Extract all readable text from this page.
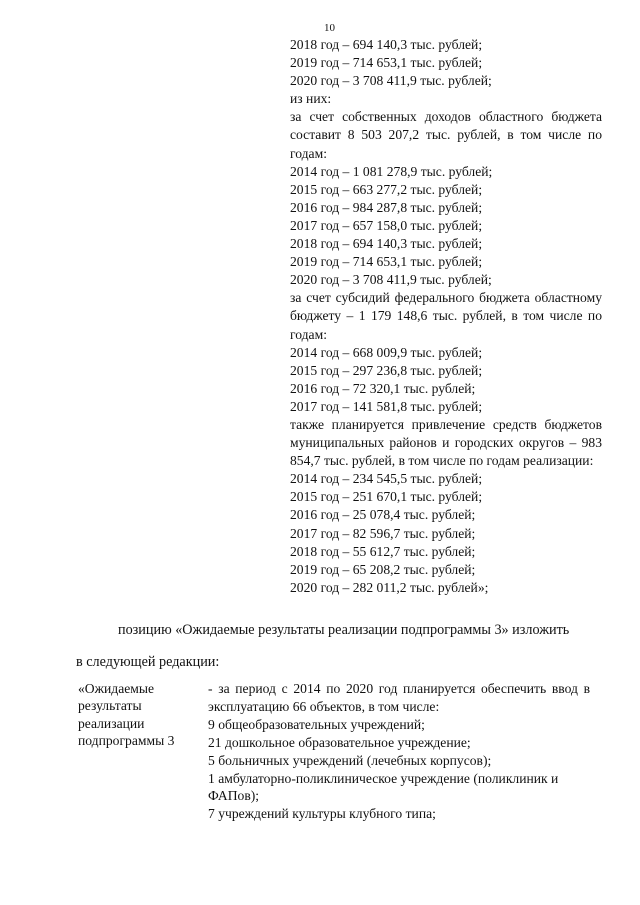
10
2018 год – 694 140,3 тыс. рублей;
2019 год – 714 653,1 тыс. рублей;
2020 год – 3 708 411,9 тыс. рублей;
из них:
за счет собственных доходов областного бюджета составит 8 503 207,2 тыс. рублей, в том числе по годам:
2014 год – 1 081 278,9 тыс. рублей;
2015 год – 663 277,2 тыс. рублей;
2016 год – 984 287,8 тыс. рублей;
2017 год – 657 158,0 тыс. рублей;
2018 год – 694 140,3 тыс. рублей;
2019 год – 714 653,1 тыс. рублей;
2020 год – 3 708 411,9 тыс. рублей;
за счет субсидий федерального бюджета областному бюджету – 1 179 148,6 тыс. рублей, в том числе по годам:
2014 год – 668 009,9 тыс. рублей;
2015 год – 297 236,8 тыс. рублей;
2016 год – 72 320,1 тыс. рублей;
2017 год – 141 581,8 тыс. рублей;
также планируется привлечение средств бюджетов муниципальных районов и городских округов – 983 854,7 тыс. рублей, в том числе по годам реализации:
2014 год – 234 545,5 тыс. рублей;
2015 год – 251 670,1 тыс. рублей;
2016 год – 25 078,4 тыс. рублей;
2017 год – 82 596,7 тыс. рублей;
2018 год – 55 612,7 тыс. рублей;
2019 год – 65 208,2 тыс. рублей;
2020 год – 282 011,2 тыс. рублей»;
позицию «Ожидаемые результаты реализации подпрограммы 3» изложить
в следующей редакции:
«Ожидаемые результаты реализации подпрограммы 3
- за период с 2014 по 2020 год планируется обеспечить ввод в эксплуатацию 66 объектов, в том числе:
9 общеобразовательных учреждений;
21 дошкольное образовательное учреждение;
5 больничных учреждений (лечебных корпусов);
1 амбулаторно-поликлиническое учреждение (поликлиник и ФАПов);
7 учреждений культуры клубного типа;
